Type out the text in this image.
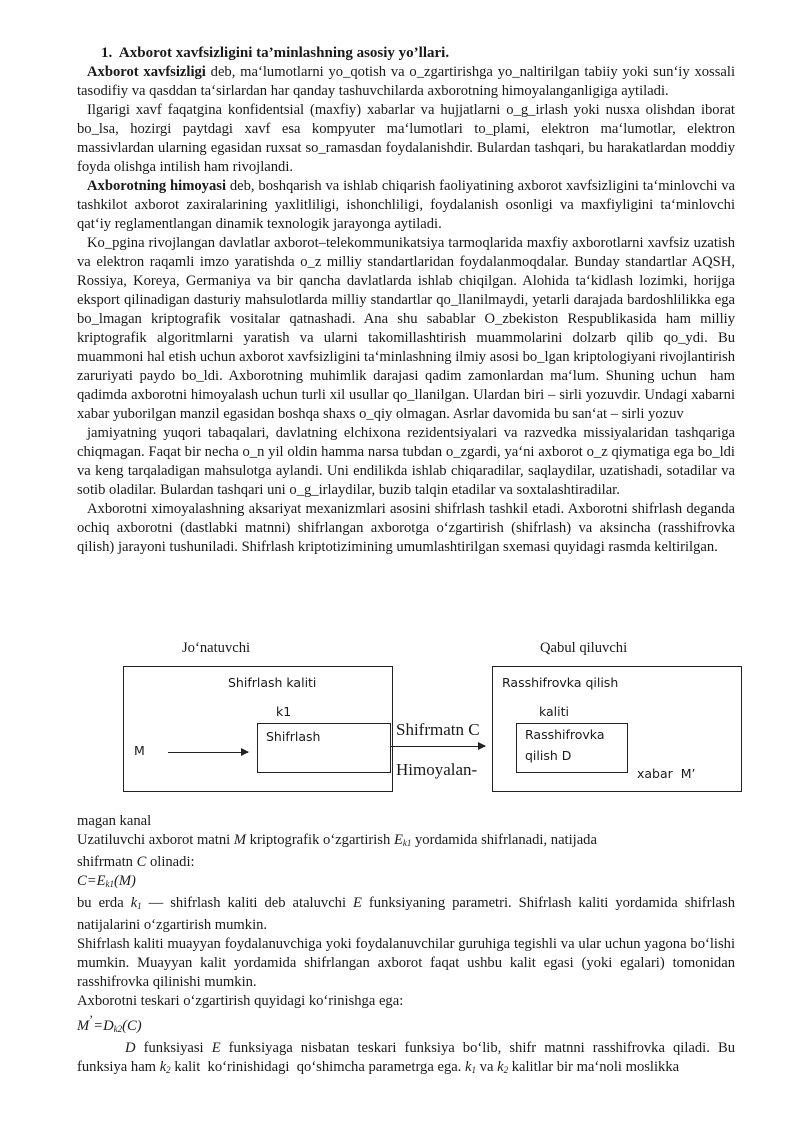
1.  Axborot xavfsizligini ta’minlashning asosiy yo’llari.

Axborot xavfsizligi deb, ma‘lumotlarni yo_qotish va o_zgartirishga yo_naltirilgan tabiiy yoki sun‘iy xossali tasodifiy va qasddan ta‘sirlardan har qanday tashuvchilarda axborotning himoyalanganligiga aytiladi.

Ilgarigi xavf faqatgina konfidentsial (maxfiy) xabarlar va hujjatlarni o_g_irlash yoki nusxa olishdan iborat bo_lsa, hozirgi paytdagi xavf esa kompyuter ma‘lumotlari to_plami, elektron ma‘lumotlar, elektron massivlardan ularning egasidan ruxsat so_ramasdan foydalanishdir. Bulardan tashqari, bu harakatlardan moddiy foyda olishga intilish ham rivojlandi.

Axborotning himoyasi deb, boshqarish va ishlab chiqarish faoliyatining axborot xavfsizligini ta‘minlovchi va tashkilot axborot zaxiralarining yaxlitliligi, ishonchliligi, foydalanish osonligi va maxfiyligini ta‘minlovchi qat‘iy reglamentlangan dinamik texnologik jarayonga aytiladi.

Ko_pgina rivojlangan davlatlar axborot–telekommunikatsiya tarmoqlarida maxfiy axborotlarni xavfsiz uzatish va elektron raqamli imzo yaratishda o_z milliy standartlaridan foydalanmoqdalar. Bunday standartlar AQSH, Rossiya, Koreya, Germaniya va bir qancha davlatlarda ishlab chiqilgan. Alohida ta‘kidlash lozimki, horijga eksport qilinadigan dasturiy mahsulotlarda milliy standartlar qo_llanilmaydi, yetarli darajada bardoshlilikka ega bo_lmagan kriptografik vositalar qatnashadi. Ana shu sabablar O_zbekiston Respublikasida ham milliy kriptografik algoritmlarni yaratish va ularni takomillashtirish muammolarini dolzarb qilib qo_ydi. Bu muammoni hal etish uchun axborot xavfsizligini ta‘minlashning ilmiy asosi bo_lgan kriptologiyani rivojlantirish zaruriyati paydo bo_ldi. Axborotning muhimlik darajasi qadim zamonlardan ma‘lum. Shuning uchun  ham qadimda axborotni himoyalash uchun turli xil usullar qo_llanilgan. Ulardan biri – sirli yozuvdir. Undagi xabarni xabar yuborilgan manzil egasidan boshqa shaxs o_qiy olmagan. Asrlar davomida bu san‘at – sirli yozuv

jamiyatning yuqori tabaqalari, davlatning elchixona rezidentsiyalari va razvedka missiyalaridan tashqariga chiqmagan. Faqat bir necha o_n yil oldin hamma narsa tubdan o_zgardi, ya‘ni axborot o_z qiymatiga ega bo_ldi va keng tarqaladigan mahsulotga aylandi. Uni endilikda ishlab chiqaradilar, saqlaydilar, uzatishadi, sotadilar va sotib oladilar. Bulardan tashqari uni o_g_irlaydilar, buzib talqin etadilar va soxtalashtiradilar.

Axborotni ximoyalashning aksariyat mexanizmlari asosini shifrlash tashkil etadi. Axborotni shifrlash deganda ochiq axborotni (dastlabki matnni) shifrlangan axborotga o‘zgartirish (shifrlash) va aksincha (rasshifrovka qilish) jarayoni tushuniladi. Shifrlash kriptotizimining umumlashtirilgan sxemasi quyidagi rasmda keltirilgan.

Jo‘natuvchi	Qabul qiluvchi
Shifrlash kaliti
k1
Shifrlash
M
Shifrmatn C
Himoyalan-
Rasshifrovka qilish
kaliti
Rasshifrovka
qilish D
xabar  M’

magan kanal

Uzatiluvchi axborot matni M kriptografik o‘zgartirish $E_{k1}$ yordamida shifrlanadi, natijada

shifrmatn C olinadi:

$C=E_{k1}(M)$

bu erda $k_1$ — shifrlash kaliti deb ataluvchi E funksiyaning parametri. Shifrlash kaliti yordamida shifrlash natijalarini o‘zgartirish mumkin.

Shifrlash kaliti muayyan foydalanuvchiga yoki foydalanuvchilar guruhiga tegishli va ular uchun yagona bo‘lishi mumkin. Muayyan kalit yordamida shifrlangan axborot faqat ushbu kalit egasi (yoki egalari) tomonidan rasshifrovka qilinishi mumkin.

Axborotni teskari o‘zgartirish quyidagi ko‘rinishga ega:

$M^’=D_{k2}(C)$

D funksiyasi E funksiyaga nisbatan teskari funksiya bo‘lib, shifr matnni rasshifrovka qiladi. Bu funksiya ham $k_2$ kalit  ko‘rinishidagi  qo‘shimcha parametrga ega. $k_1$ va $k_2$ kalitlar bir ma‘noli moslikka
